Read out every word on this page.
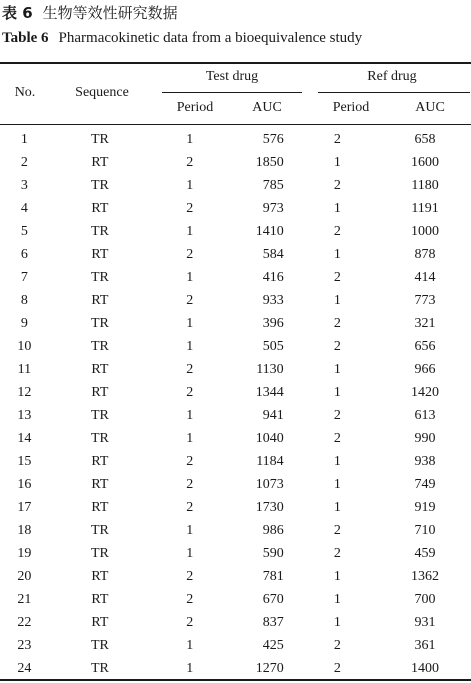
表 6 生物等效性研究数据
Table 6 Pharmacokinetic data from a bioequivalence study
No.	Sequence
Test drug	Ref drug
Period	AUC	Period	AUC
1	TR	1	576	2	658
2	RT	2	1850	1	1600
3	TR	1	785	2	1180
4	RT	2	973	1	1191
5	TR	1	1410	2	1000
6	RT	2	584	1	878
7	TR	1	416	2	414
8	RT	2	933	1	773
9	TR	1	396	2	321
10	TR	1	505	2	656
11	RT	2	1130	1	966
12	RT	2	1344	1	1420
13	TR	1	941	2	613
14	TR	1	1040	2	990
15	RT	2	1184	1	938
16	RT	2	1073	1	749
17	RT	2	1730	1	919
18	TR	1	986	2	710
19	TR	1	590	2	459
20	RT	2	781	1	1362
21	RT	2	670	1	700
22	RT	2	837	1	931
23	TR	1	425	2	361
24	TR	1	1270	2	1400
